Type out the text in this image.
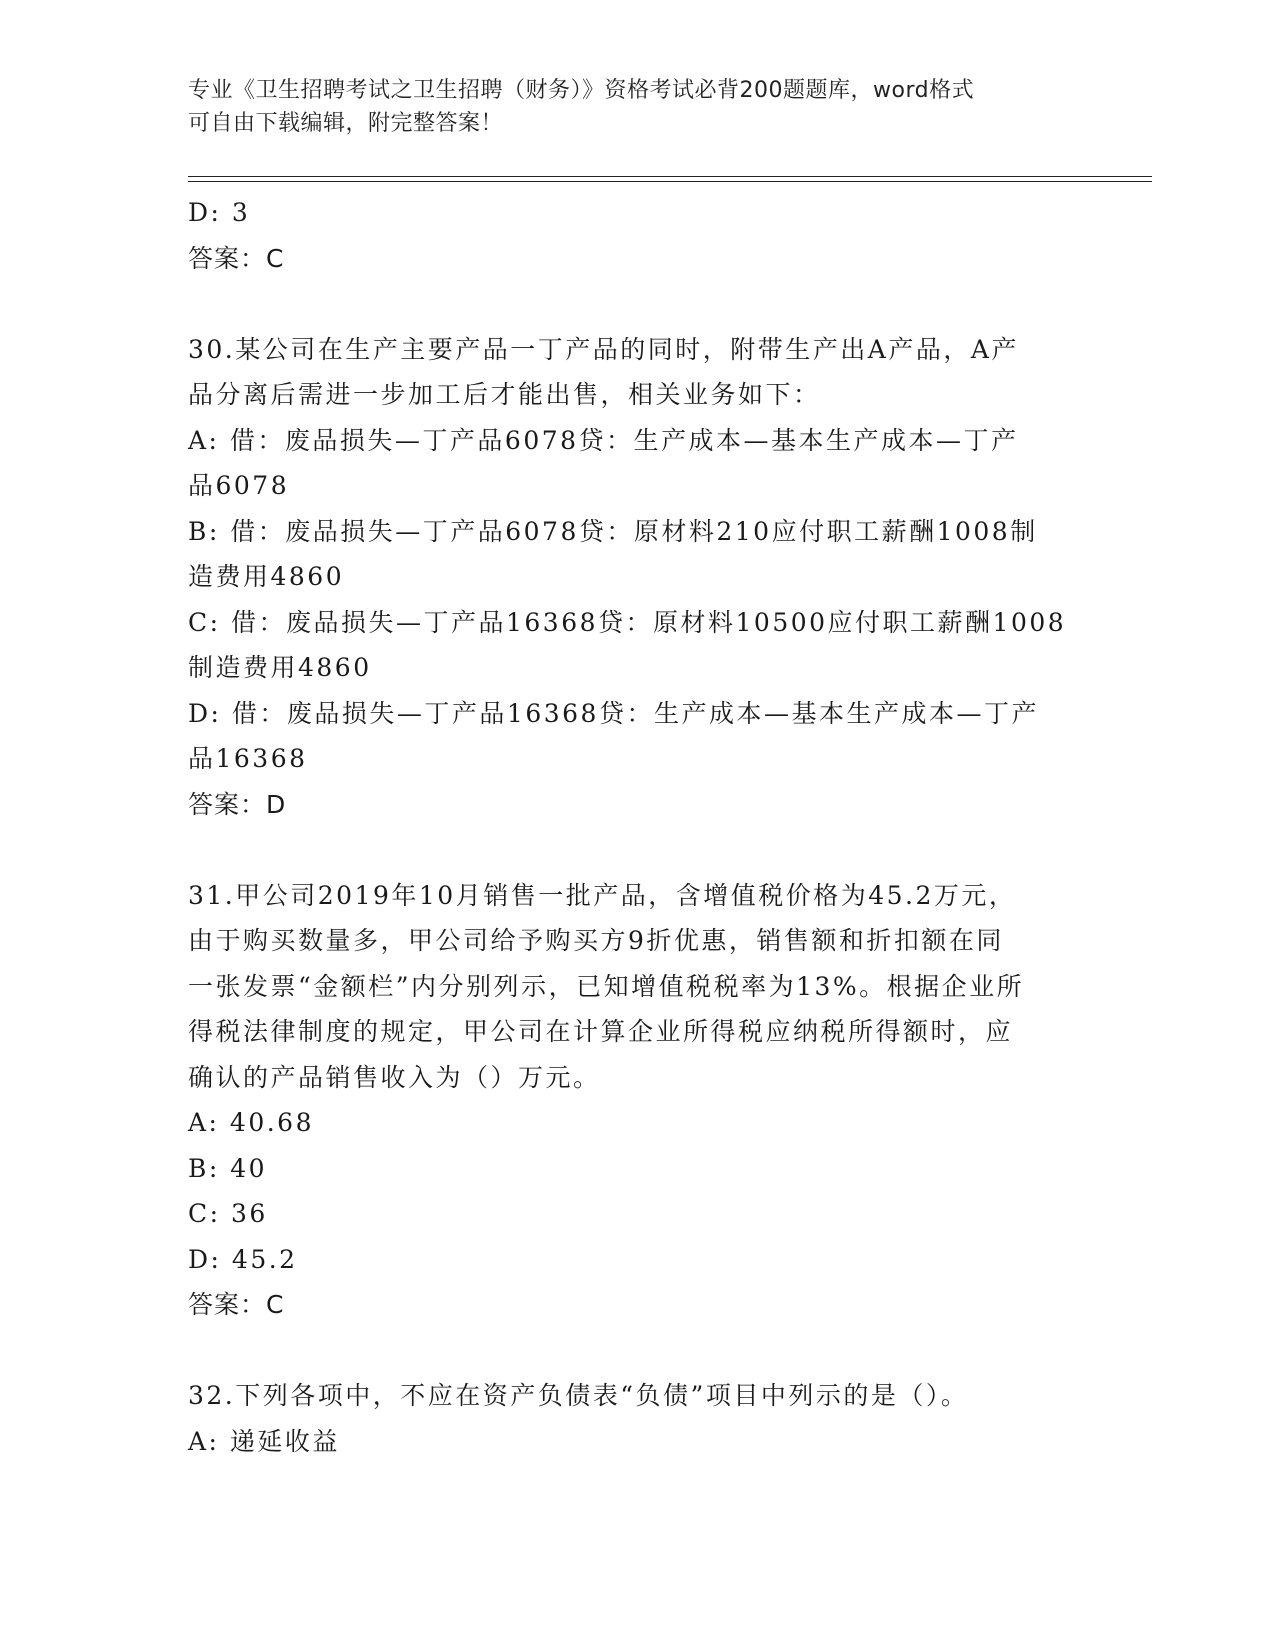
专业《卫生招聘考试之卫生招聘（财务）》资格考试必背200题题库，word格式
可自由下载编辑，附完整答案！

D: 3

答案：C

30.某公司在生产主要产品一丁产品的同时，附带生产出A产品，A产

品分离后需进一步加工后才能出售，相关业务如下：

A: 借：废品损失—丁产品6078贷：生产成本—基本生产成本—丁产

品6078

B: 借：废品损失—丁产品6078贷：原材料210应付职工薪酬1008制

造费用4860

C: 借：废品损失—丁产品16368贷：原材料10500应付职工薪酬1008

制造费用4860

D: 借：废品损失—丁产品16368贷：生产成本—基本生产成本—丁产

品16368

答案：D

31.甲公司2019年10月销售一批产品，含增值税价格为45.2万元，

由于购买数量多，甲公司给予购买方9折优惠，销售额和折扣额在同

一张发票“金额栏”内分别列示，已知增值税税率为13%。根据企业所

得税法律制度的规定，甲公司在计算企业所得税应纳税所得额时，应

确认的产品销售收入为（）万元。

A: 40.68

B: 40

C: 36

D: 45.2

答案：C

32.下列各项中，不应在资产负债表“负债”项目中列示的是（）。

A: 递延收益
